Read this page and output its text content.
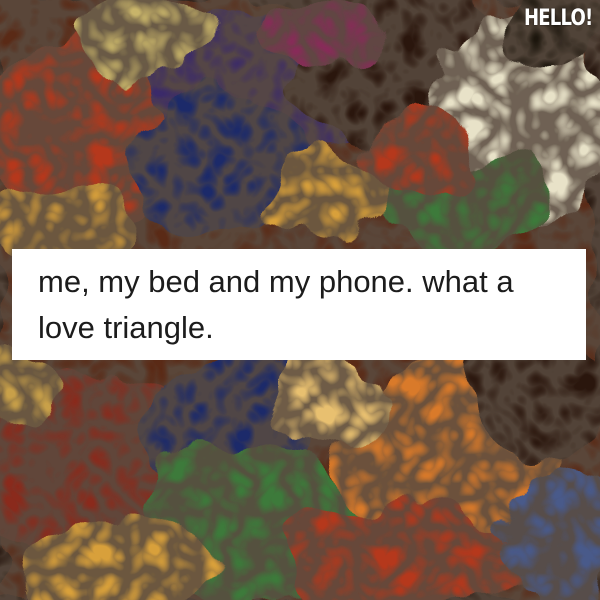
HELLO!

me, my bed and my phone. what a love triangle.
